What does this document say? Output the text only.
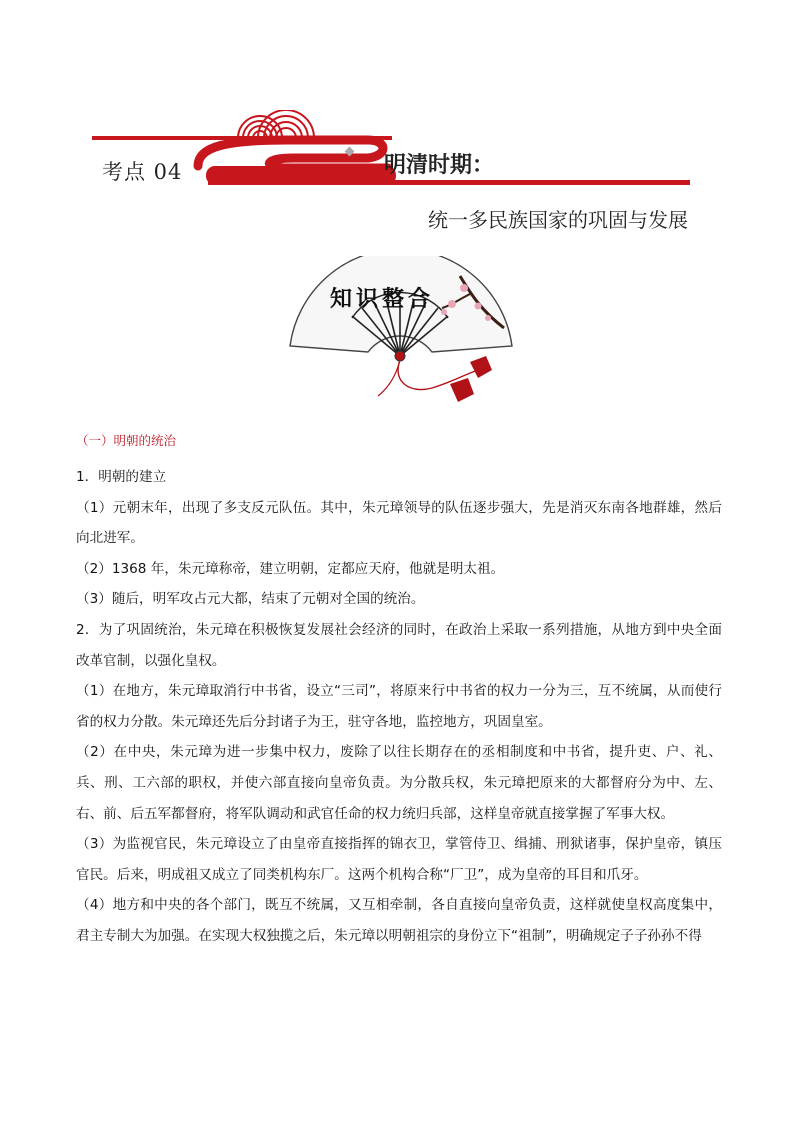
考点 04	明清时期：
统一多民族国家的巩固与发展
知识整合
（一）明朝的统治

1．明朝的建立

（1）元朝末年，出现了多支反元队伍。其中，朱元璋领导的队伍逐步强大，先是消灭东南各地群雄，然后向北进军。

（2）1368 年，朱元璋称帝，建立明朝，定都应天府，他就是明太祖。

（3）随后，明军攻占元大都，结束了元朝对全国的统治。

2．为了巩固统治，朱元璋在积极恢复发展社会经济的同时，在政治上采取一系列措施，从地方到中央全面改革官制，以强化皇权。

（1）在地方，朱元璋取消行中书省，设立“三司”，将原来行中书省的权力一分为三，互不统属，从而使行省的权力分散。朱元璋还先后分封诸子为王，驻守各地，监控地方，巩固皇室。

（2）在中央，朱元璋为进一步集中权力，废除了以往长期存在的丞相制度和中书省，提升吏、户、礼、兵、刑、工六部的职权，并使六部直接向皇帝负责。为分散兵权，朱元璋把原来的大都督府分为中、左、右、前、后五军都督府，将军队调动和武官任命的权力统归兵部，这样皇帝就直接掌握了军事大权。

（3）为监视官民，朱元璋设立了由皇帝直接指挥的锦衣卫，掌管侍卫、缉捕、刑狱诸事，保护皇帝，镇压官民。后来，明成祖又成立了同类机构东厂。这两个机构合称“厂卫”，成为皇帝的耳目和爪牙。

（4）地方和中央的各个部门，既互不统属，又互相牵制，各自直接向皇帝负责，这样就使皇权高度集中，君主专制大为加强。在实现大权独揽之后，朱元璋以明朝祖宗的身份立下“祖制”，明确规定子子孙孙不得
